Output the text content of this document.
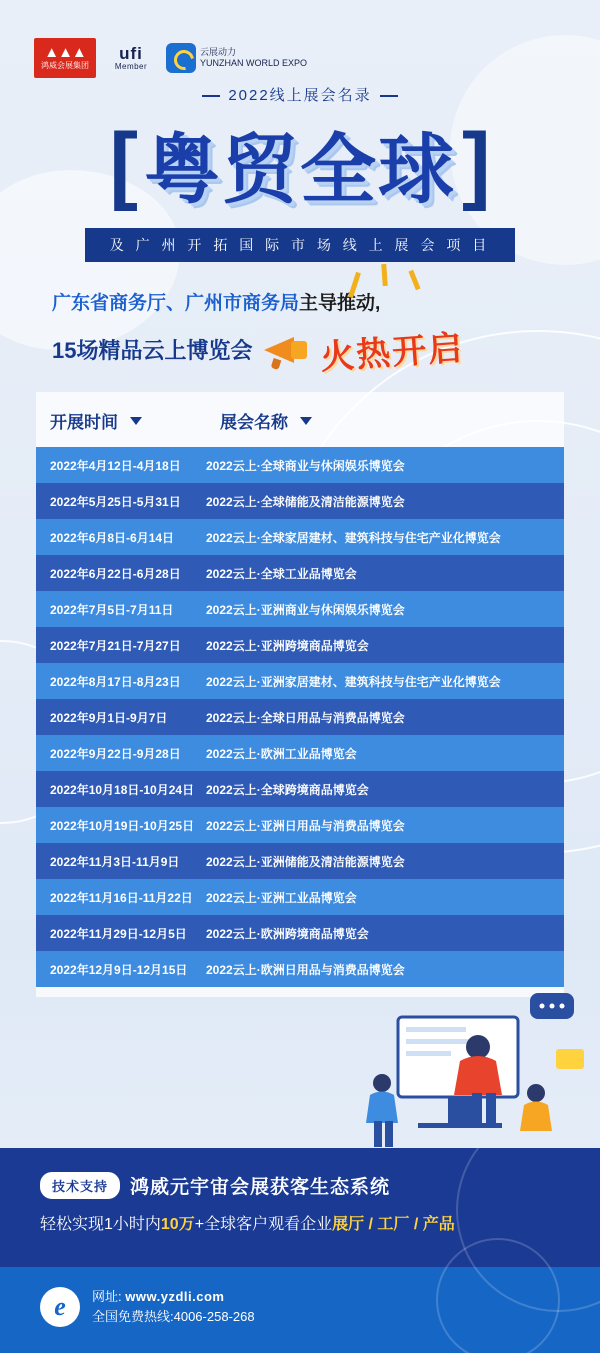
▲▲▲
鸿威会展集团
ufi
Member
云展动力
YUNZHAN WORLD EXPO
2022线上展会名录
[ 粤贸全球 ]
及 广 州 开 拓 国 际 市 场 线 上 展 会 项 目
广东省商务厅、广州市商务局主导推动,
15场精品云上博览会 火热开启
开展时间	展会名称
2022年4月12日-4月18日	2022云上·全球商业与休闲娱乐博览会
2022年5月25日-5月31日	2022云上·全球储能及清洁能源博览会
2022年6月8日-6月14日	2022云上·全球家居建材、建筑科技与住宅产业化博览会
2022年6月22日-6月28日	2022云上·全球工业品博览会
2022年7月5日-7月11日	2022云上·亚洲商业与休闲娱乐博览会
2022年7月21日-7月27日	2022云上·亚洲跨境商品博览会
2022年8月17日-8月23日	2022云上·亚洲家居建材、建筑科技与住宅产业化博览会
2022年9月1日-9月7日	2022云上·全球日用品与消费品博览会
2022年9月22日-9月28日	2022云上·欧洲工业品博览会
2022年10月18日-10月24日 2022云上·全球跨境商品博览会
2022年10月19日-10月25日 2022云上·亚洲日用品与消费品博览会
2022年11月3日-11月9日	2022云上·亚洲储能及清洁能源博览会
2022年11月16日-11月22日	2022云上·亚洲工业品博览会
2022年11月29日-12月5日	2022云上·欧洲跨境商品博览会
2022年12月9日-12月15日	2022云上·欧洲日用品与消费品博览会
技术支持	鸿威元宇宙会展获客生态系统
轻松实现1小时内10万+全球客户观看企业展厅 / 工厂 / 产品
e	网址: www.yzdli.com
全国免费热线:4006-258-268
